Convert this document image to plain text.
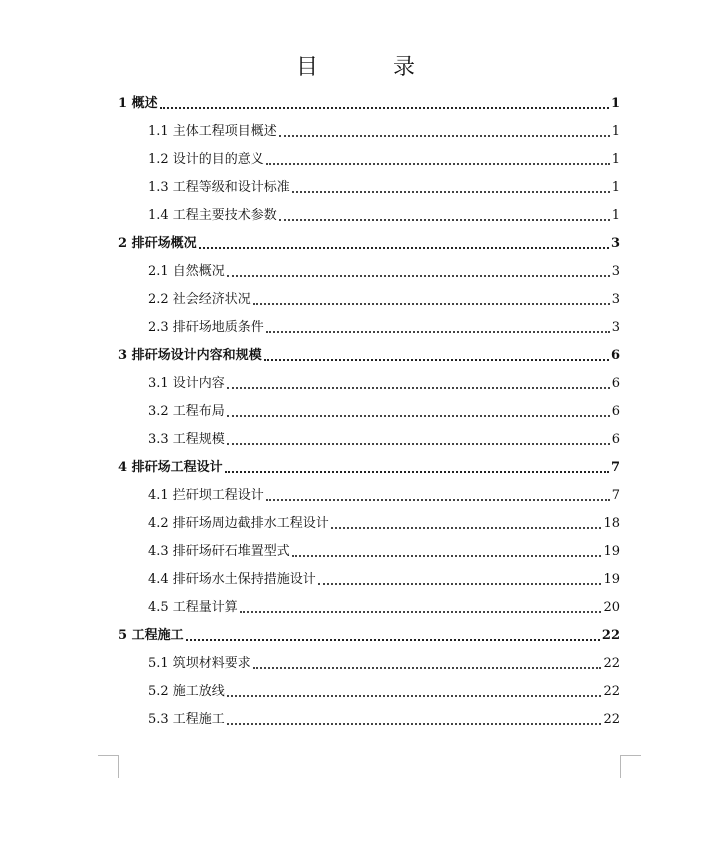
目 录
1 概述	1
1.1 主体工程项目概述	1
1.2 设计的目的意义	1
1.3 工程等级和设计标准	1
1.4 工程主要技术参数	1
2 排矸场概况	3
2.1 自然概况	3
2.2 社会经济状况	3
2.3 排矸场地质条件	3
3 排矸场设计内容和规模	6
3.1 设计内容	6
3.2 工程布局	6
3.3 工程规模	6
4 排矸场工程设计	7
4.1 拦矸坝工程设计	7
4.2 排矸场周边截排水工程设计	18
4.3 排矸场矸石堆置型式	19
4.4 排矸场水土保持措施设计	19
4.5 工程量计算	20
5 工程施工	22
5.1 筑坝材料要求	22
5.2 施工放线	22
5.3 工程施工	22
